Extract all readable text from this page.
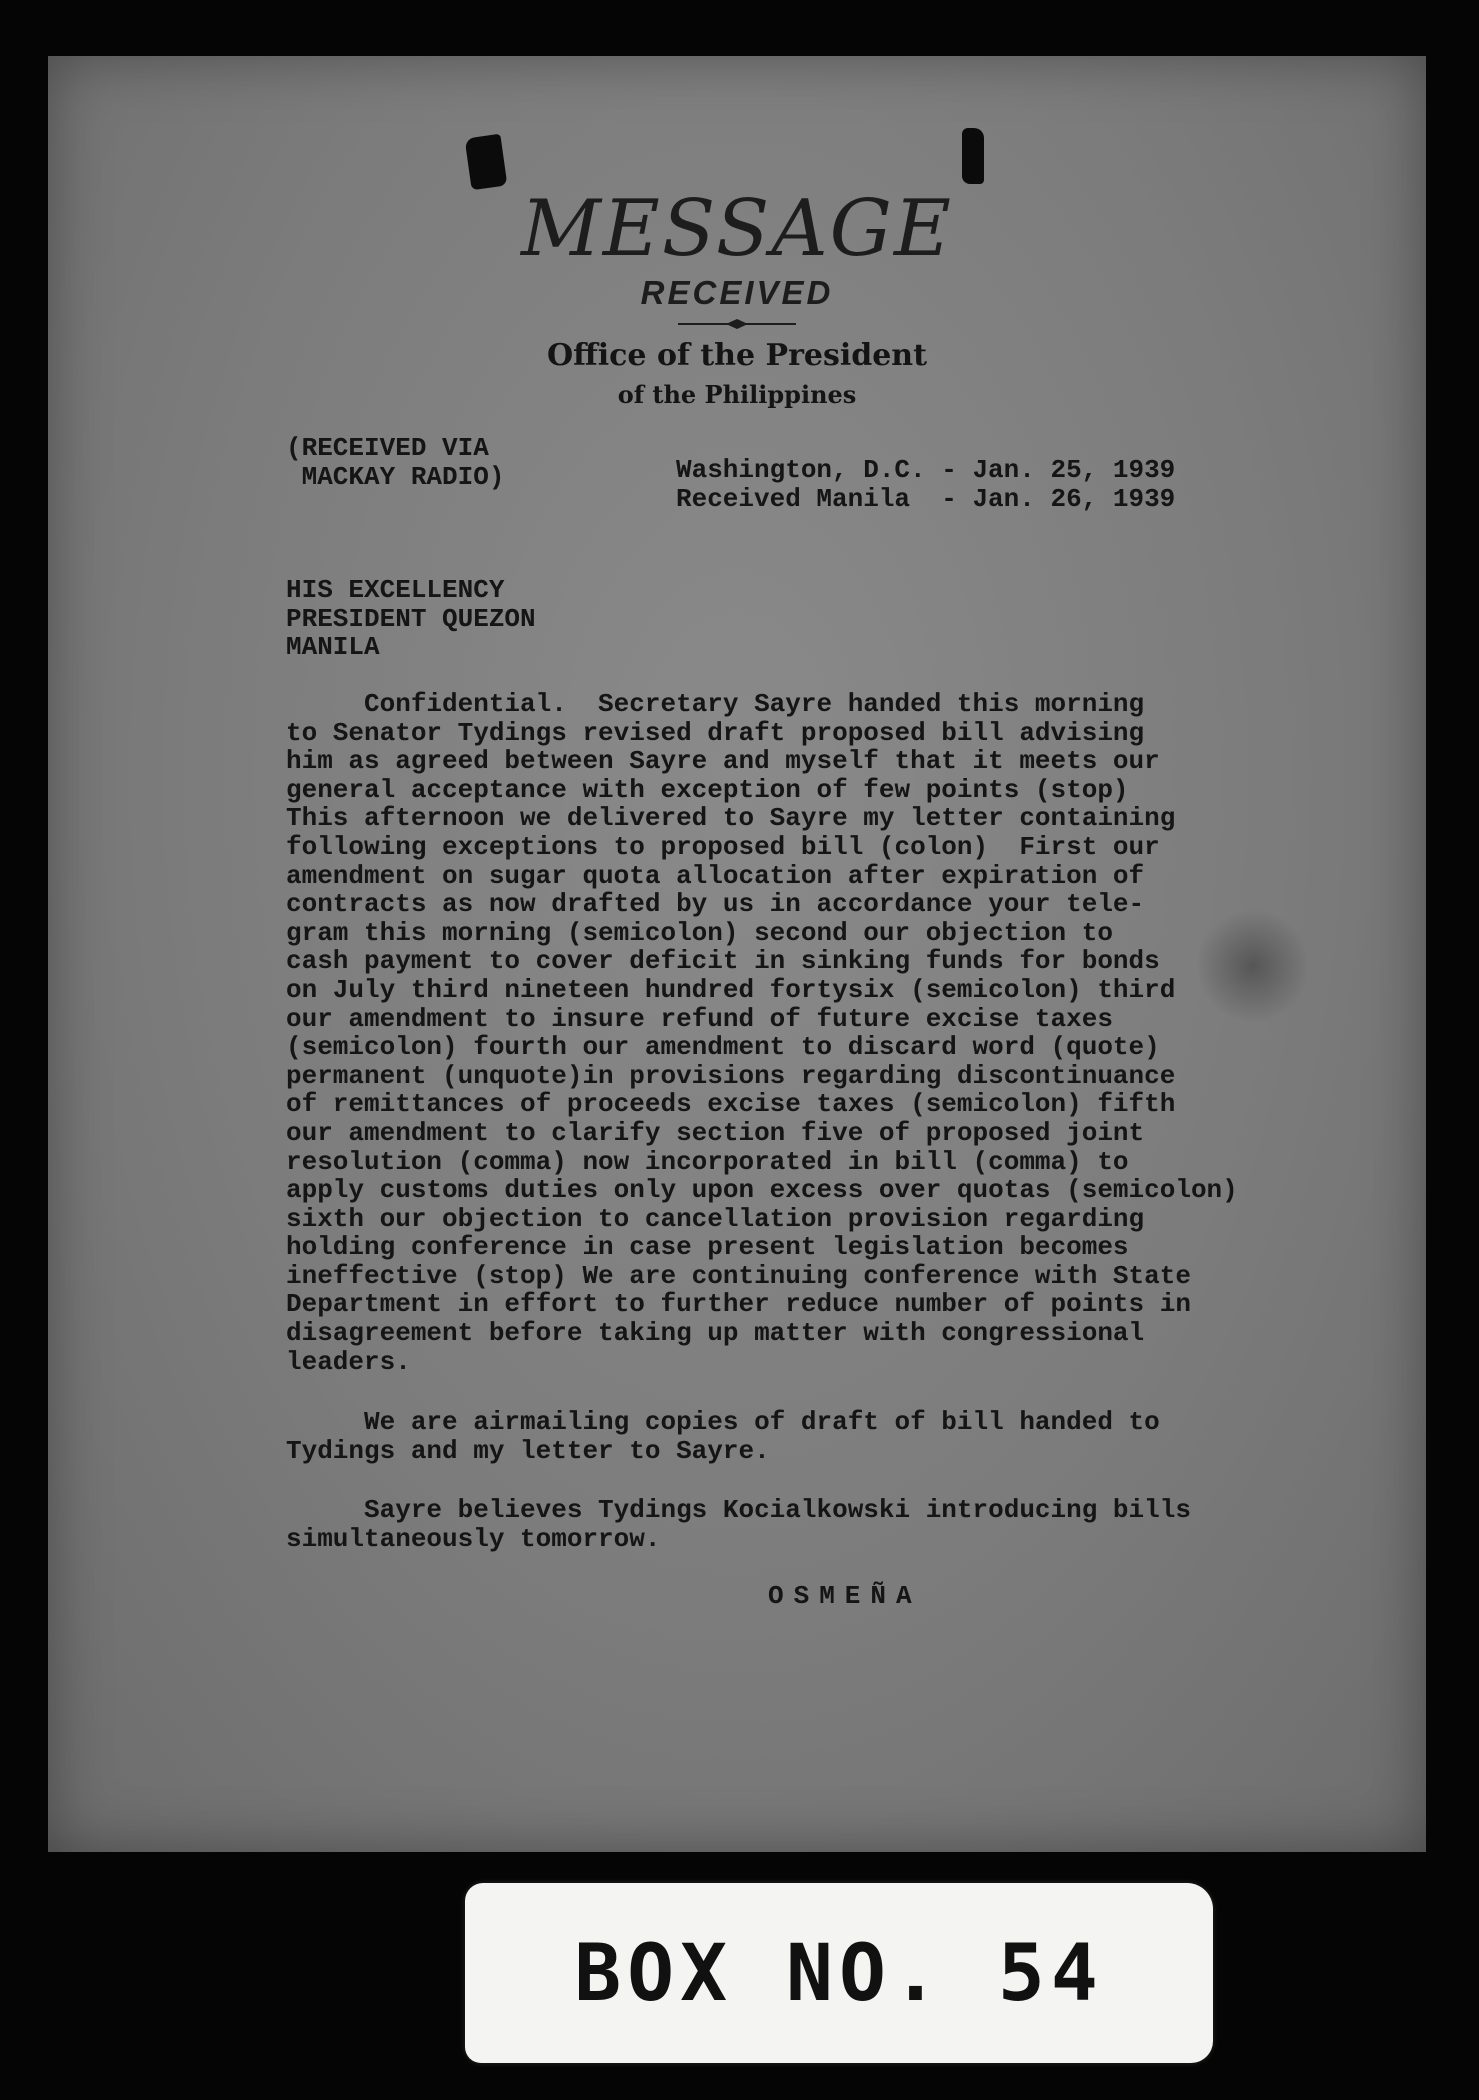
MESSAGE
RECEIVED
Office of the President
of the Philippines
(RECEIVED VIA
MACKAY RADIO)	Washington, D.C. - Jan. 25, 1939
Received Manila  - Jan. 26, 1939
HIS EXCELLENCY
PRESIDENT QUEZON
MANILA
Confidential.  Secretary Sayre handed this morning
to Senator Tydings revised draft proposed bill advising
him as agreed between Sayre and myself that it meets our
general acceptance with exception of few points (stop)
This afternoon we delivered to Sayre my letter containing
following exceptions to proposed bill (colon)  First our
amendment on sugar quota allocation after expiration of
contracts as now drafted by us in accordance your tele-
gram this morning (semicolon) second our objection to
cash payment to cover deficit in sinking funds for bonds
on July third nineteen hundred fortysix (semicolon) third
our amendment to insure refund of future excise taxes
(semicolon) fourth our amendment to discard word (quote)
permanent (unquote)in provisions regarding discontinuance
of remittances of proceeds excise taxes (semicolon) fifth
our amendment to clarify section five of proposed joint
resolution (comma) now incorporated in bill (comma) to
apply customs duties only upon excess over quotas (semicolon)
sixth our objection to cancellation provision regarding
holding conference in case present legislation becomes
ineffective (stop) We are continuing conference with State
Department in effort to further reduce number of points in
disagreement before taking up matter with congressional
leaders.
We are airmailing copies of draft of bill handed to
Tydings and my letter to Sayre.
Sayre believes Tydings Kocialkowski introducing bills
simultaneously tomorrow.
OSMEÑA
BOX NO. 54
